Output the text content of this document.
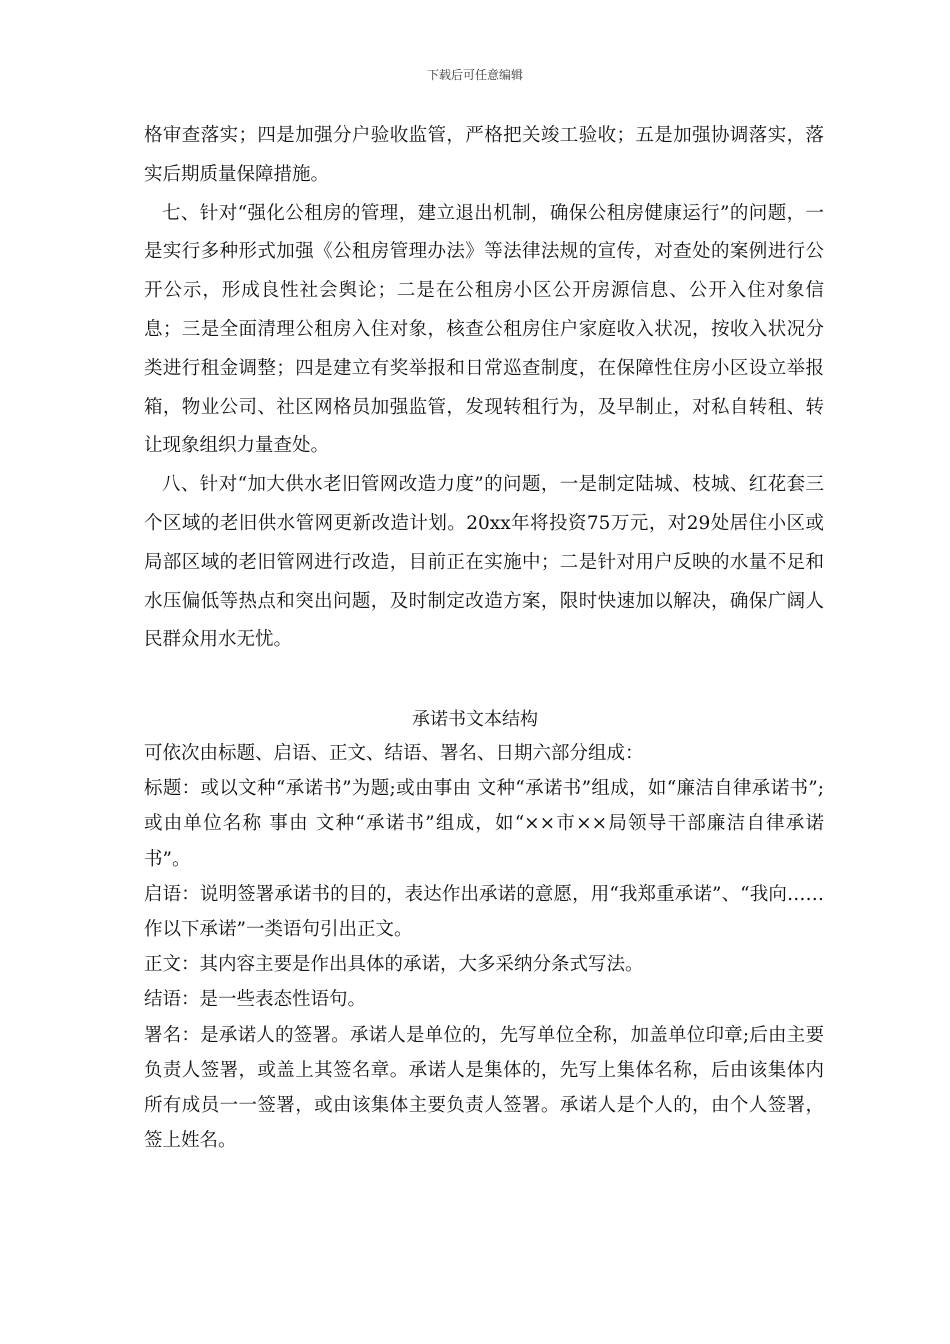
下载后可任意编辑

格审查落实；四是加强分户验收监管，严格把关竣工验收；五是加强协调落实，落实后期质量保障措施。

七、针对“强化公租房的管理，建立退出机制，确保公租房健康运行”的问题，一是实行多种形式加强《公租房管理办法》等法律法规的宣传，对查处的案例进行公开公示，形成良性社会舆论；二是在公租房小区公开房源信息、公开入住对象信息；三是全面清理公租房入住对象，核查公租房住户家庭收入状况，按收入状况分类进行租金调整；四是建立有奖举报和日常巡查制度，在保障性住房小区设立举报箱，物业公司、社区网格员加强监管，发现转租行为，及早制止，对私自转租、转让现象组织力量查处。

八、针对“加大供水老旧管网改造力度”的问题，一是制定陆城、枝城、红花套三个区域的老旧供水管网更新改造计划。20xx年将投资75万元，对29处居住小区或局部区域的老旧管网进行改造，目前正在实施中；二是针对用户反映的水量不足和水压偏低等热点和突出问题，及时制定改造方案，限时快速加以解决，确保广阔人民群众用水无忧。

承诺书文本结构

可依次由标题、启语、正文、结语、署名、日期六部分组成：

标题：或以文种“承诺书”为题;或由事由 文种“承诺书”组成，如“廉洁自律承诺书”;或由单位名称 事由 文种“承诺书”组成，如“××市××局领导干部廉洁自律承诺书”。

启语：说明签署承诺书的目的，表达作出承诺的意愿，用“我郑重承诺”、“我向……作以下承诺”一类语句引出正文。

正文：其内容主要是作出具体的承诺，大多采纳分条式写法。

结语：是一些表态性语句。

署名：是承诺人的签署。承诺人是单位的，先写单位全称，加盖单位印章;后由主要负责人签署，或盖上其签名章。承诺人是集体的，先写上集体名称，后由该集体内所有成员一一签署，或由该集体主要负责人签署。承诺人是个人的，由个人签署，签上姓名。
